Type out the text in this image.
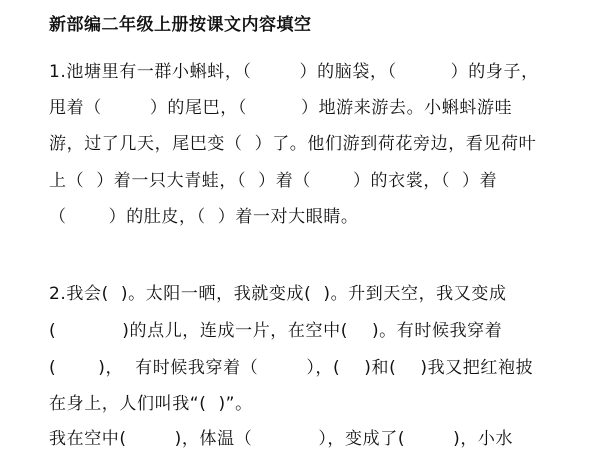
新部编二年级上册按课文内容填空
1.池塘里有一群小蝌蚪，（        ）的脑袋，（         ）的身子，
甩着（        ）的尾巴，（         ）地游来游去。小蝌蚪游哇
游，过了几天，尾巴变（  ）了。他们游到荷花旁边，看见荷叶
上（  ）着一只大青蛙，（  ）着（       ）的衣裳，（  ）着
（       ）的肚皮，（  ）着一对大眼睛。
2.我会(  )。太阳一晒，我就变成(  )。升到天空，我又变成
(           )的点儿，连成一片，在空中(    )。有时候我穿着
(       )，  有时候我穿着（        ），(    )和(    )我又把红袍披
在身上，人们叫我“(  )”。
我在空中(        )，体温（           ），变成了(        )，小水
